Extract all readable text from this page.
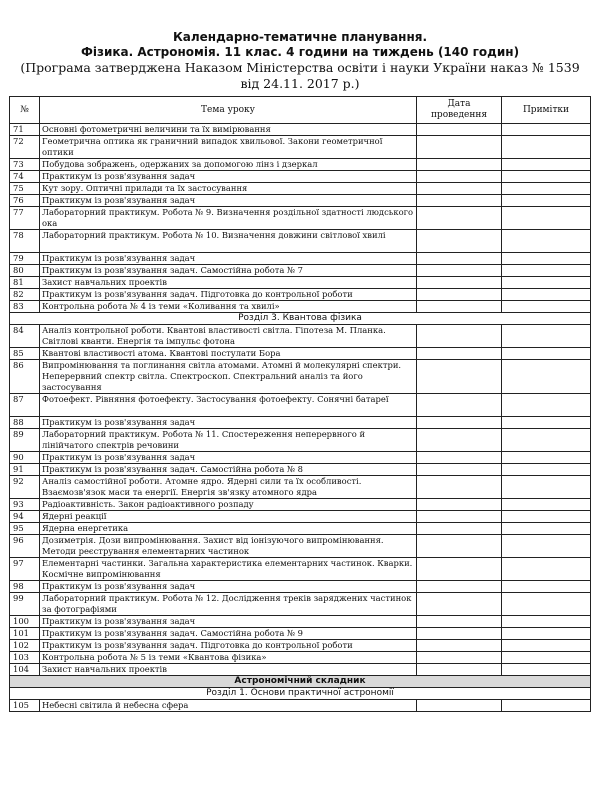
Календарно-тематичне планування.
Фізика. Астрономія. 11 клас. 4 години на тиждень (140 годин)
(Програма затверджена Наказом Міністерства освіти і науки України наказ № 1539
від 24.11. 2017 р.)
№	Тема уроку	Дата проведення	Примітки
71	Основні фотометричні величини та їх вимірювання		
72	Геометрична оптика як граничний випадок хвильової. Закони геометричної оптики		
73	Побудова зображень, одержаних за допомогою лінз і дзеркал		
74	Практикум із розв'язування задач		
75	Кут зору. Оптичні прилади та їх застосування		
76	Практикум із розв'язування задач		
77	Лабораторний практикум. Робота № 9. Визначення роздільної здатності людського ока		
78	Лабораторний практикум. Робота № 10. Визначення довжини світлової хвилі		
79	Практикум із розв'язування задач		
80	Практикум із розв'язування задач. Самостійна робота № 7		
81	Захист навчальних проектів		
82	Практикум із розв'язування задач. Підготовка до контрольної роботи		
83	Контрольна робота № 4 із теми «Коливання та хвилі»		
Розділ 3. Квантова фізика			
84	Аналіз контрольної роботи. Квантові властивості світла. Гіпотеза М. Планка. Світлові кванти. Енергія та імпульс фотона		
85	Квантові властивості атома. Квантові постулати Бора		
86	Випромінювання та поглинання світла атомами. Атомні й молекулярні спектри. Неперервний спектр світла. Спектроскоп. Спектральний аналіз та його застосування		
87	Фотоефект. Рівняння фотоефекту. Застосування фотоефекту. Сонячні батареї		
88	Практикум із розв'язування задач		
89	Лабораторний практикум. Робота № 11. Спостереження неперервного й лінійчатого спектрів речовини		
90	Практикум із розв'язування задач		
91	Практикум із розв'язування задач. Самостійна робота № 8		
92	Аналіз самостійної роботи. Атомне ядро. Ядерні сили та їх особливості. Взаємозв'язок маси та енергії. Енергія зв'язку атомного ядра		
93	Радіоактивність. Закон радіоактивного розпаду		
94	Ядерні реакції		
95	Ядерна енергетика		
96	Дозиметрія. Дози випромінювання. Захист від іонізуючого випромінювання. Методи реєстрування елементарних частинок		
97	Елементарні частинки. Загальна характеристика елементарних частинок. Кварки. Космічне випромінювання		
98	Практикум із розв'язування задач		
99	Лабораторний практикум. Робота № 12. Дослідження треків заряджених частинок за фотографіями		
100	Практикум із розв'язування задач		
101	Практикум із розв'язування задач. Самостійна робота № 9		
102	Практикум із розв'язування задач. Підготовка до контрольної роботи		
103	Контрольна робота № 5 із теми «Квантова фізика»		
104	Захист навчальних проектів		
Астрономічний складник			
Розділ 1. Основи практичної астрономії			
105	Небесні світила й небесна сфера		
